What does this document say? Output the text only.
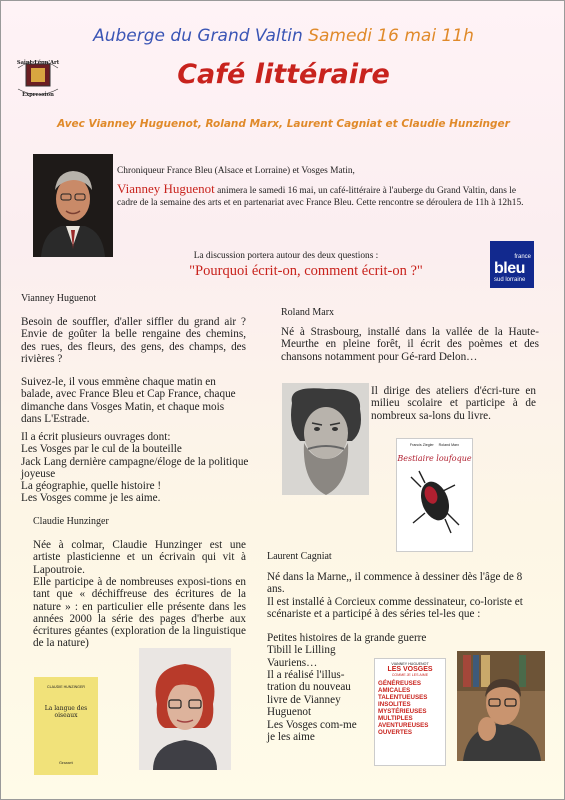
Saint-Léon'Art
Expression
Auberge du Grand Valtin Samedi 16 mai 11h
Café littéraire
Avec Vianney Huguenot, Roland Marx, Laurent Cagniat et Claudie Hunzinger
Chroniqueur France Bleu (Alsace et Lorraine) et Vosges Matin,
Vianney Huguenot animera le samedi 16 mai, un café-littéraire à l'auberge du Grand Valtin, dans le cadre de la semaine des arts et en partenariat avec France Bleu. Cette rencontre se déroulera de 11h à 12h15.
La discussion portera autour des deux questions :
"Pourquoi écrit-on, comment écrit-on ?"
france
bleu
sud lorraine
Vianney Huguenot
Besoin de souffler, d'aller siffler du grand air ? Envie de goûter la belle rengaine des chemins, des rues, des fleurs, des gens, des champs, des rivières ?
Suivez-le, il vous emmène chaque matin en balade, avec France Bleu et Cap France, chaque dimanche dans Vosges Matin, et chaque mois dans L'Estrade.
Il a écrit plusieurs ouvrages dont:
Les Vosges par le cul de la bouteille
Jack Lang dernière campagne/éloge de la politique joyeuse
La géographie, quelle histoire !
Les Vosges comme je les aime.
Roland Marx
Né à Strasbourg, installé dans la vallée de la Haute-Meurthe en pleine forêt, il écrit des poèmes et des chansons notamment pour Gé-rard Delon…
Il dirige des ateliers d'écri-ture en milieu scolaire et participe à de nombreux sa-lons du livre.
Francis Ziegler     Roland Marx
Bestiaire loufoque
Claudie Hunzinger
Née à colmar, Claudie Hunzinger est une artiste plasticienne et un écrivain qui vit à Lapoutroie.
Elle participe à de nombreuses exposi-tions en tant que « déchiffreuse des écritures de la nature » : en particulier elle présente dans les années 2000 la série des pages d'herbe aux écritures géantes (exploration de la linguistique de la nature)
CLAUDIE HUNZINGER
La langue des oiseaux
Grasset
Laurent Cagniat
Né dans la Marne,, il commence à dessiner dès l'âge de 8 ans.
Il est installé à Corcieux comme dessinateur, co-loriste et scénariste et a participé à des séries tel-les que :
Petites histoires de la grande guerre
Tibill le Lilling
Vauriens…
Il a réalisé l'illus-tration du nouveau livre de Vianney Huguenot
Les Vosges com-me je les aime
VIANNEY HUGUENOT
LES VOSGES
COMME JE LES AIME
GÉNÉREUSES
AMICALES
TALENTUEUSES
INSOLITES
MYSTÉRIEUSES
MULTIPLES
AVENTUREUSES
OUVERTES
